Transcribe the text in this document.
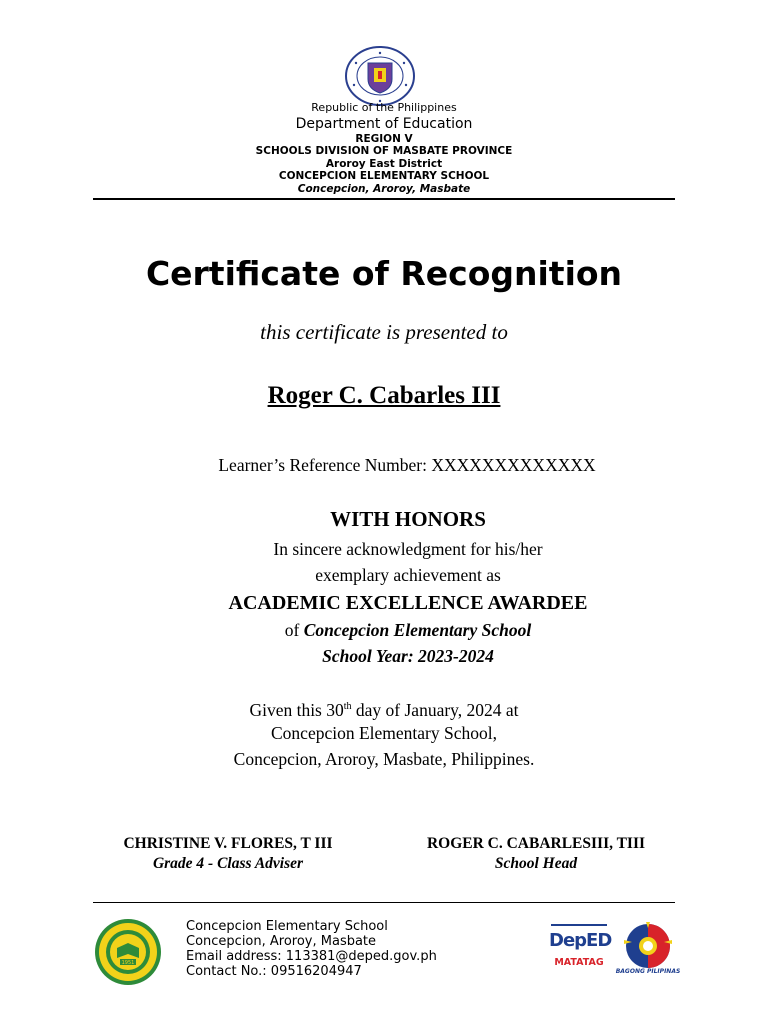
Republic of the Philippines
Department of Education
REGION V
SCHOOLS DIVISION OF MASBATE PROVINCE
Aroroy East District
CONCEPCION ELEMENTARY SCHOOL
Concepcion, Aroroy, Masbate
Certificate of Recognition
this certificate is presented to
Roger C. Cabarles III
Learner’s Reference Number: XXXXXXXXXXXXX
WITH HONORS
In sincere acknowledgment for his/her
exemplary achievement as
ACADEMIC EXCELLENCE AWARDEE
of Concepcion Elementary School
School Year: 2023-2024
Given this 30th day of January, 2024 at
Concepcion Elementary School,
Concepcion, Aroroy, Masbate, Philippines.
CHRISTINE V. FLORES, T III
Grade 4 - Class Adviser
ROGER C. CABARLESIII, TIII
School Head
1951
Concepcion Elementary School
Concepcion, Aroroy, Masbate
Email address: 113381@deped.gov.ph
Contact No.: 09516204947
DepED
MATATAG
BAGONG PILIPINAS
